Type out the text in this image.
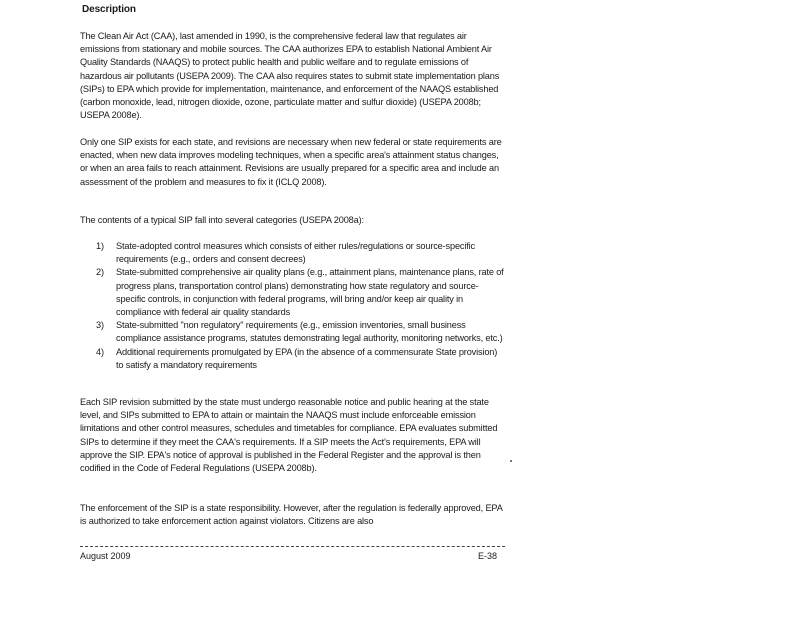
Description

The Clean Air Act (CAA), last amended in 1990, is the comprehensive federal law that regulates air emissions from stationary and mobile sources. The CAA authorizes EPA to establish National Ambient Air Quality Standards (NAAQS) to protect public health and public welfare and to regulate emissions of hazardous air pollutants (USEPA 2009). The CAA also requires states to submit state implementation plans (SIPs) to EPA which provide for implementation, maintenance, and enforcement of the NAAQS established (carbon monoxide, lead, nitrogen dioxide, ozone, particulate matter and sulfur dioxide) (USEPA 2008b; USEPA 2008e).

Only one SIP exists for each state, and revisions are necessary when new federal or state requirements are enacted, when new data improves modeling techniques, when a specific area's attainment status changes, or when an area fails to reach attainment. Revisions are usually prepared for a specific area and include an assessment of the problem and measures to fix it (ICLQ 2008).

The contents of a typical SIP fall into several categories (USEPA 2008a):

1) State-adopted control measures which consists of either rules/regulations or source-specific requirements (e.g., orders and consent decrees)
2) State-submitted comprehensive air quality plans (e.g., attainment plans, maintenance plans, rate of progress plans, transportation control plans) demonstrating how state regulatory and source-specific controls, in conjunction with federal programs, will bring and/or keep air quality in compliance with federal air quality standards
3) State-submitted "non regulatory" requirements (e.g., emission inventories, small business compliance assistance programs, statutes demonstrating legal authority, monitoring networks, etc.)
4) Additional requirements promulgated by EPA (in the absence of a commensurate State provision) to satisfy a mandatory requirements

Each SIP revision submitted by the state must undergo reasonable notice and public hearing at the state level, and SIPs submitted to EPA to attain or maintain the NAAQS must include enforceable emission limitations and other control measures, schedules and timetables for compliance. EPA evaluates submitted SIPs to determine if they meet the CAA's requirements. If a SIP meets the Act's requirements, EPA will approve the SIP. EPA's notice of approval is published in the Federal Register and the approval is then codified in the Code of Federal Regulations (USEPA 2008b).

The enforcement of the SIP is a state responsibility. However, after the regulation is federally approved, EPA is authorized to take enforcement action against violators. Citizens are also

August 2009	E-38
